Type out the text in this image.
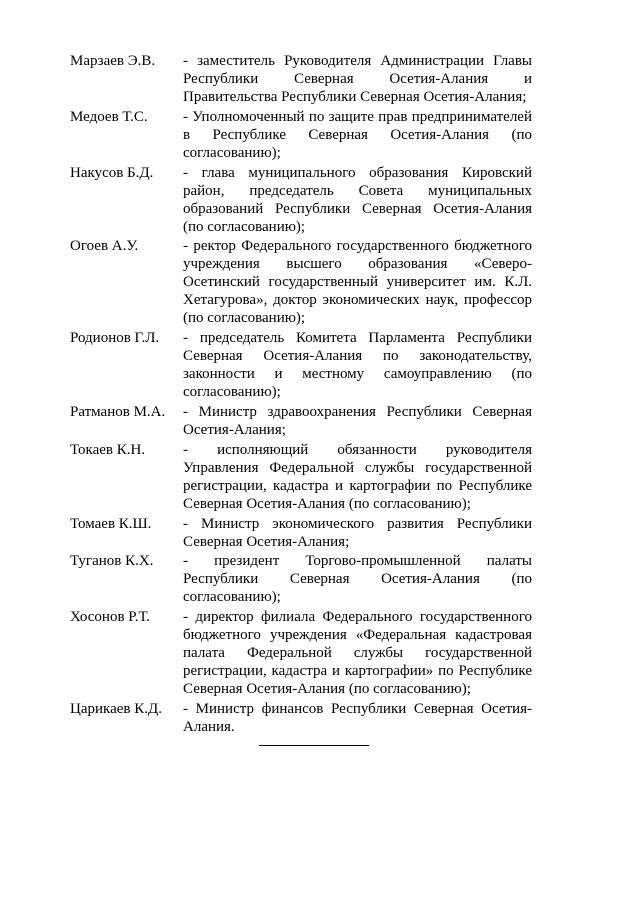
Марзаев Э.В.	- заместитель Руководителя Администрации Главы Республики Северная Осетия-Алания и Правительства Республики Северная Осетия-Алания;
Медоев Т.С.	- Уполномоченный по защите прав предпринимателей в Республике Северная Осетия-Алания (по согласованию);
Накусов Б.Д.	- глава муниципального образования Кировский район, председатель Совета муниципальных образований Республики Северная Осетия-Алания (по согласованию);
Огоев А.У.	- ректор Федерального государственного бюджетного учреждения высшего образования «Северо-Осетинский государственный университет им. К.Л. Хетагурова», доктор экономических наук, профессор (по согласованию);
Родионов Г.Л.	- председатель Комитета Парламента Республики Северная Осетия-Алания по законодательству, законности и местному самоуправлению (по согласованию);
Ратманов М.А.	- Министр здравоохранения Республики Северная Осетия-Алания;
Токаев К.Н.	- исполняющий обязанности руководителя Управления Федеральной службы государственной регистрации, кадастра и картографии по Республике Северная Осетия-Алания (по согласованию);
Томаев К.Ш.	- Министр экономического развития Республики Северная Осетия-Алания;
Туганов К.Х.	- президент Торгово-промышленной палаты Республики Северная Осетия-Алания (по согласованию);
Хосонов Р.Т.	- директор филиала Федерального государственного бюджетного учреждения «Федеральная кадастровая палата Федеральной службы государственной регистрации, кадастра и картографии» по Республике Северная Осетия-Алания (по согласованию);
Царикаев К.Д.	- Министр финансов Республики Северная Осетия-Алания.
